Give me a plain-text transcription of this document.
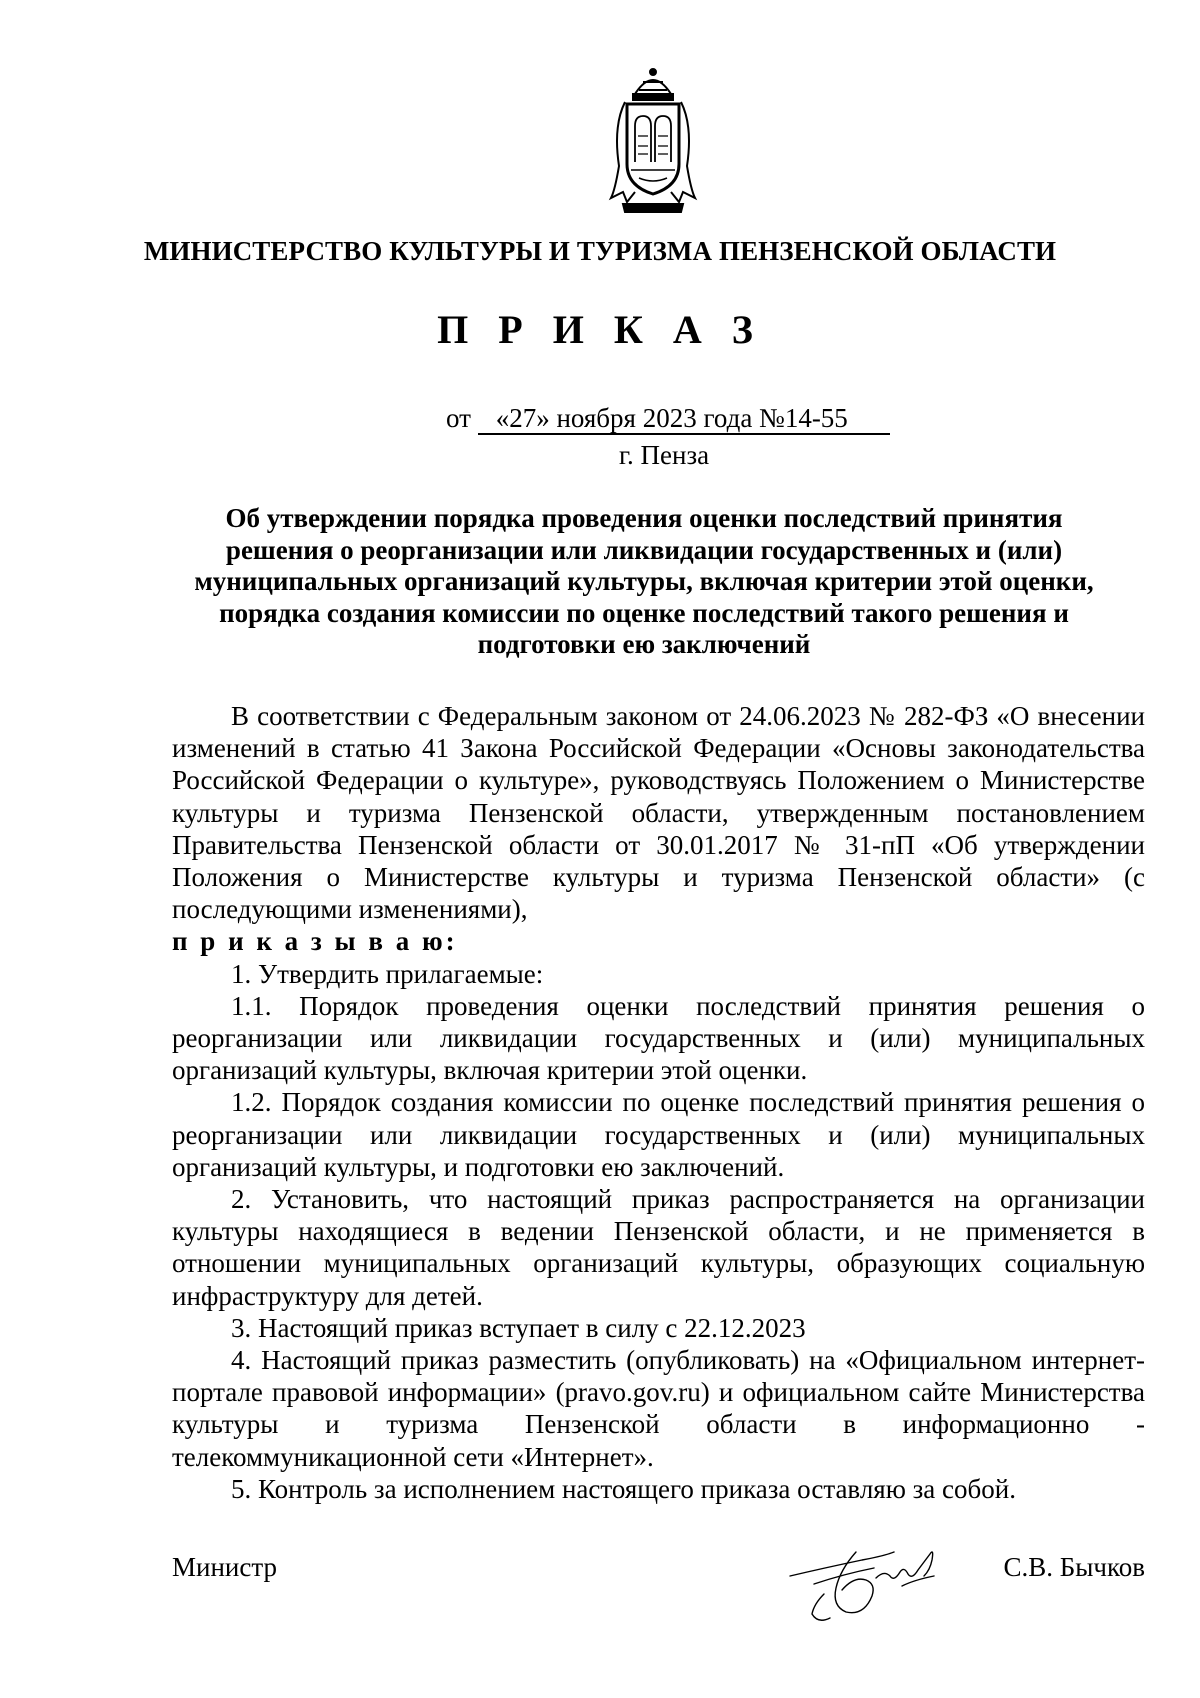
МИНИСТЕРСТВО КУЛЬТУРЫ И ТУРИЗМА ПЕНЗЕНСКОЙ ОБЛАСТИ
П Р И К А З
от «27» ноября 2023 года №14-55
г. Пенза
Об утверждении порядка проведения оценки последствий принятия решения о реорганизации или ликвидации государственных и (или) муниципальных организаций культуры, включая критерии этой оценки, порядка создания комиссии по оценке последствий такого решения и подготовки ею заключений

В соответствии с Федеральным законом от 24.06.2023 № 282-ФЗ «О внесении изменений в статью 41 Закона Российской Федерации «Основы законодательства Российской Федерации о культуре», руководствуясь Положением о Министерстве культуры и туризма Пензенской области, утвержденным постановлением Правительства Пензенской области от 30.01.2017 № 31-пП «Об утверждении Положения о Министерстве культуры и туризма Пензенской области» (с последующими изменениями),

п р и к а з ы в а ю:

1. Утвердить прилагаемые:

1.1. Порядок проведения оценки последствий принятия решения о реорганизации или ликвидации государственных и (или) муниципальных организаций культуры, включая критерии этой оценки.

1.2. Порядок создания комиссии по оценке последствий принятия решения о реорганизации или ликвидации государственных и (или) муниципальных организаций культуры, и подготовки ею заключений.

2. Установить, что настоящий приказ распространяется на организации культуры находящиеся в ведении Пензенской области, и не применяется в отношении муниципальных организаций культуры, образующих социальную инфраструктуру для детей.

3. Настоящий приказ вступает в силу с 22.12.2023

4. Настоящий приказ разместить (опубликовать) на «Официальном интернет-портале правовой информации» (pravo.gov.ru) и официальном сайте Министерства культуры и туризма Пензенской области в информационно - телекоммуникационной сети «Интернет».

5. Контроль за исполнением настоящего приказа оставляю за собой.

Министр	С.В. Бычков
